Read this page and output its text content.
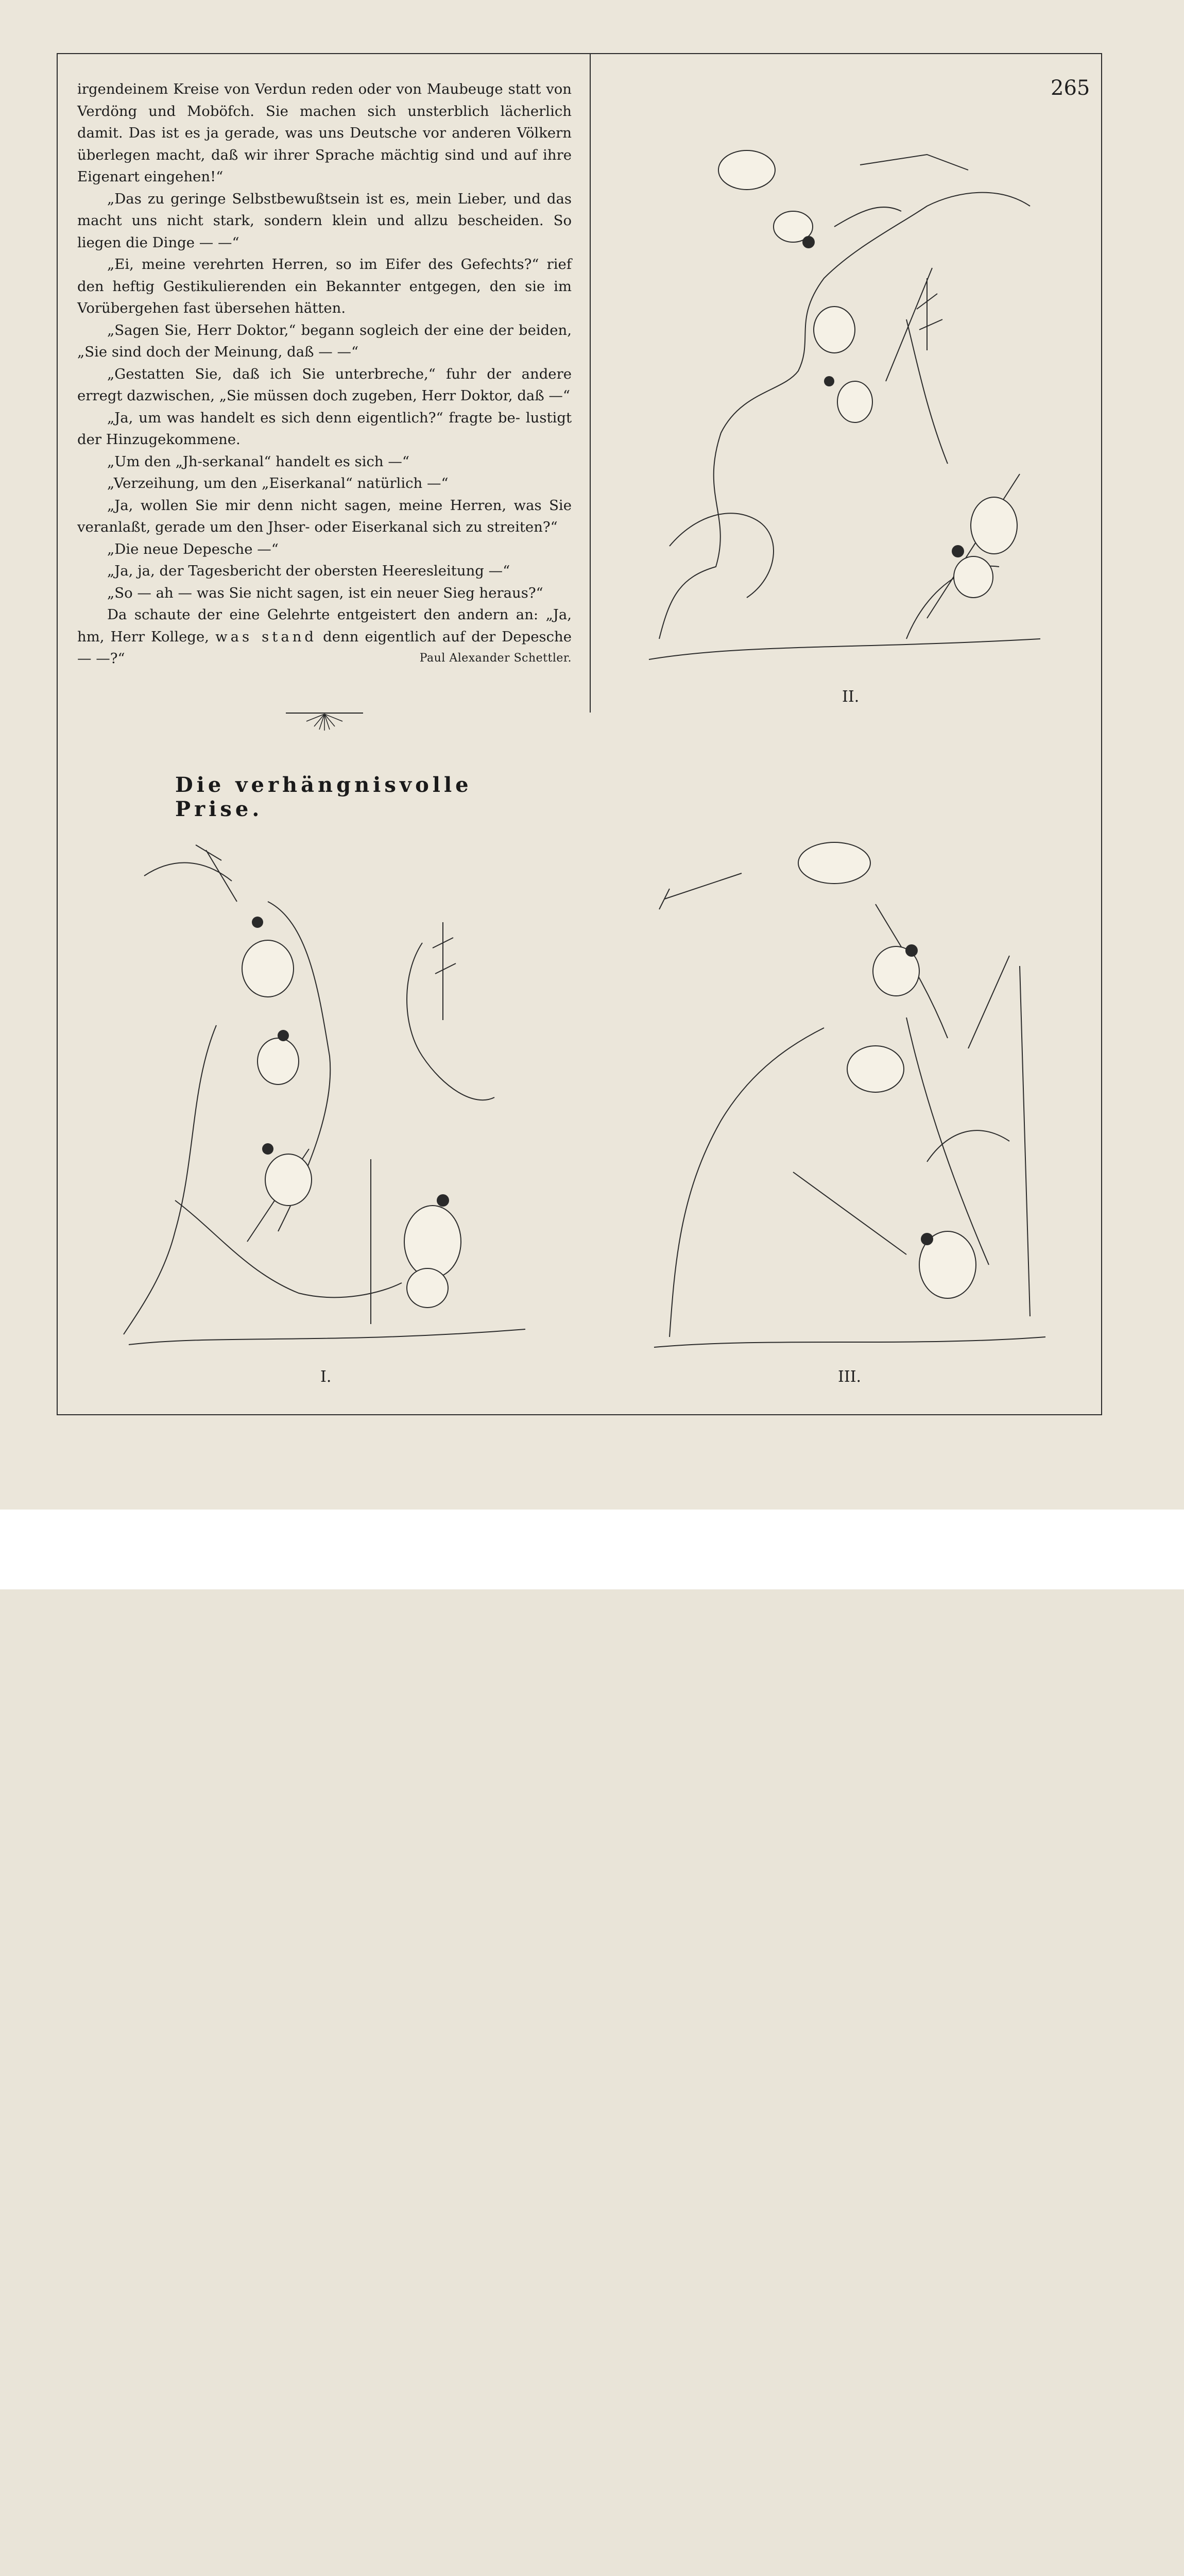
265

irgendeinem Kreise von Verdun reden oder von Maubeuge statt von Verdöng und Moböfch. Sie machen sich unsterblich lächerlich damit. Das ist es ja gerade, was uns Deutsche vor anderen Völkern überlegen macht, daß wir ihrer Sprache mächtig sind und auf ihre Eigenart eingehen!“

„Das zu geringe Selbstbewußtsein ist es, mein Lieber, und das macht uns nicht stark, sondern klein und allzu bescheiden. So liegen die Dinge — —“

„Ei, meine verehrten Herren, so im Eifer des Gefechts?“ rief den heftig Gestikulierenden ein Bekannter entgegen, den sie im Vorübergehen fast übersehen hätten.

„Sagen Sie, Herr Doktor,“ begann sogleich der eine der beiden, „Sie sind doch der Meinung, daß — —“

„Gestatten Sie, daß ich Sie unterbreche,“ fuhr der andere erregt dazwischen, „Sie müssen doch zugeben, Herr Doktor, daß —“

„Ja, um was handelt es sich denn eigentlich?“ fragte be- lustigt der Hinzugekommene.

„Um den „Jh-serkanal“ handelt es sich —“

„Verzeihung, um den „Eiserkanal“ natürlich —“

„Ja, wollen Sie mir denn nicht sagen, meine Herren, was Sie veranlaßt, gerade um den Jhser- oder Eiserkanal sich zu streiten?“

„Die neue Depesche —“

„Ja, ja, der Tagesbericht der obersten Heeresleitung —“

„So — ah — was Sie nicht sagen, ist ein neuer Sieg heraus?“

Da schaute der eine Gelehrte entgeistert den andern an: „Ja, hm, Herr Kollege, was stand denn eigentlich auf der Depesche — —?“	Paul Alexander Schettler.

Die verhängnisvolle Prise.
II.
I.	III.
